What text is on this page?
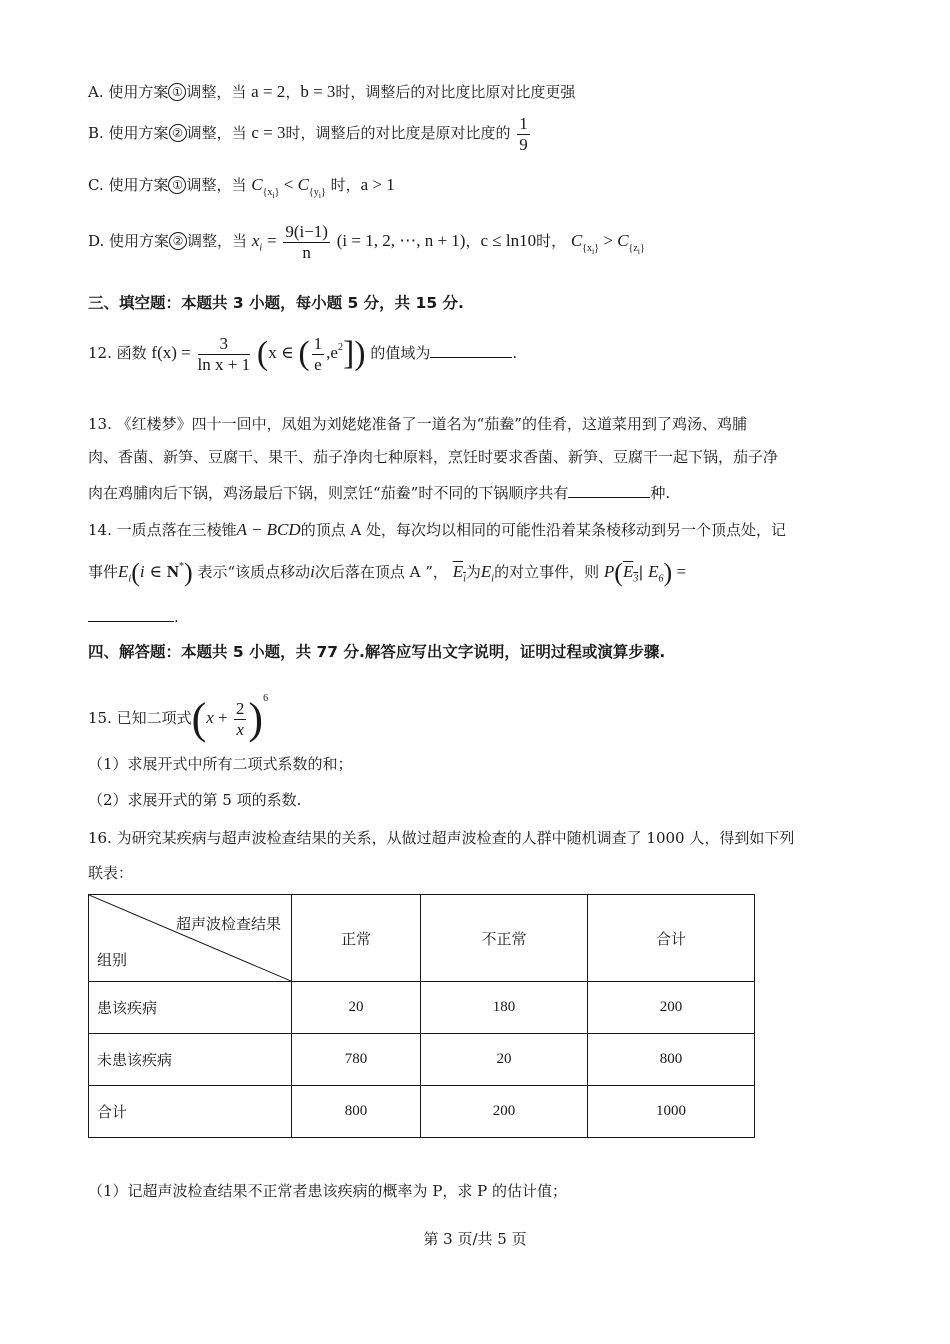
A. 使用方案 ① 调整，当 a = 2，b = 3时，调整后的对比度比原对比度更强
B. 使用方案 ② 调整，当 c = 3时，调整后的对比度是原对比度的 $\frac{1}{9}$
C. 使用方案 ① 调整，当 $C_{\{x_i\}} < C_{\{y_i\}}$ 时，a > 1
D. 使用方案 ② 调整，当 $x_i = \frac{9(i-1)}{n} (i = 1$, 2, ⋯, n + 1)，c ≤ ln10时， $C_{\{x_i\}} > C_{\{z_i\}}$
三、填空题：本题共 3 小题，每小题 5 分，共 15 分.
12. 函数 $f(x) = \frac{3}{\text{ln x + 1}} (x$ ∈ ( $\frac{1}{e} ,e^2$]) 的值域为	.
13. 《红楼梦》四十一回中，凤姐为刘姥姥准备了一道名为“茄鲞”的佳肴，这道菜用到了鸡汤、鸡脯
肉、香菌、新笋、豆腐干、果干、茄子净肉七种原料，烹饪时要求香菌、新笋、豆腐干一起下锅，茄子净
肉在鸡脯肉后下锅，鸡汤最后下锅，则烹饪“茄鲞”时不同的下锅顺序共有	种.
14. 一质点落在三棱锥A − BCD的顶点 A 处，每次均以相同的可能性沿着某条棱移动到另一个顶点处，记
事件$E_i(i$ ∈ N*) 表示“该质点移动i次后落在顶点 A ”， $E_i$为$E_i$的对立事件，则 $P(E_3|$ $E_6$) =
.
四、解答题：本题共 5 小题，共 77 分.解答应写出文字说明，证明过程或演算步骤.
15. 已知二项式$(x + \frac{2}{x} )^6$
（1）求展开式中所有二项式系数的和；
（2）求展开式的第 5 项的系数.
16. 为研究某疾病与超声波检查结果的关系，从做过超声波检查的人群中随机调查了 1000 人，得到如下列
联表：
超声波检查结果
组别	正常	不正常	合计
患该疾病	20	180	200
未患该疾病	780	20	800
合计	800	200	1000
（1）记超声波检查结果不正常者患该疾病的概率为 P，求 P 的估计值；
第 3 页/共 5 页
